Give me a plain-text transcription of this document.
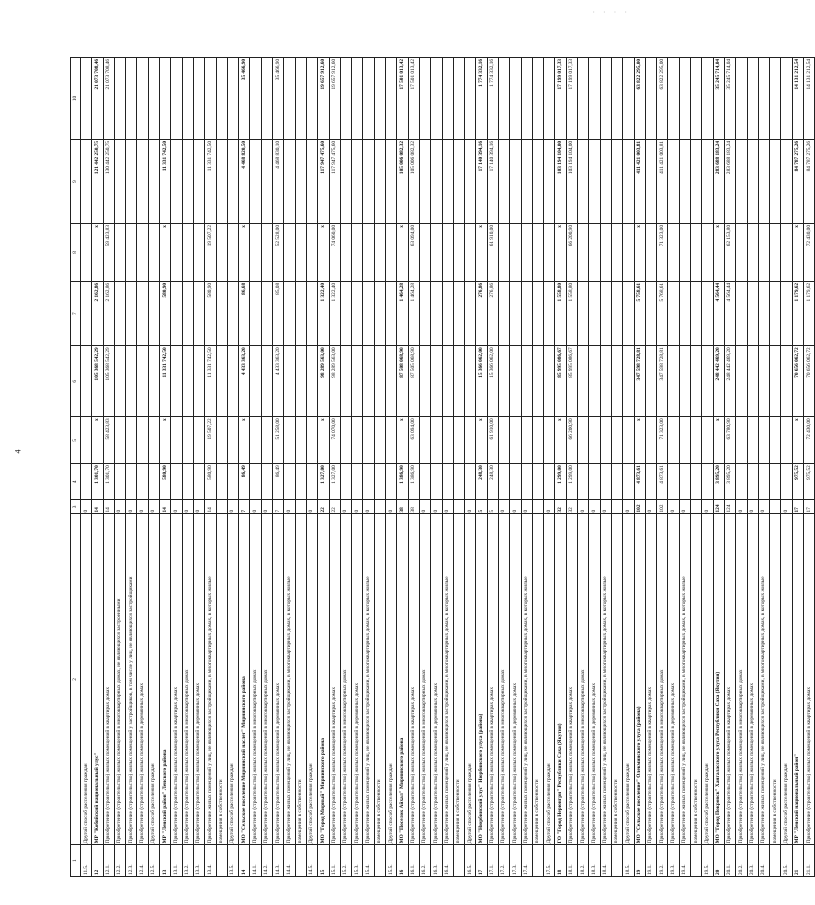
· · · ·
4
1	2	3	4	5	6	7	8	9	10
11.5.	Другой способ расселения граждан	0							
12	МР "Кобяйский национальный улус"	14	1 301,70	x	105 368 542,29	2 162,86	x	121 442 250,75	21 073 708,46
12.1.	Приобретение (строительство) жилых помещений в квартирах домах	14	1 301,70	58 423,83	105 368 542,29	2 162,86	59 423,83	130 442 250,75	21 073 708,46
12.2.	Приобретение (строительство) жилых помещений в многоквартирных домах, не являющихся застроенными	0							
12.3.	Приобретение (строительство) жилых помещений у застройщиков, в том числе у лиц, не являющихся застройщиками	0							
12.4.	Приобретение (строительство) жилых помещений в деревянных домах	0							
12.5.	Другой способ расселения граждан	0							
13	МР "Ленский район" Ленского района	14	580,90	x	11 331 742,50	580,90	x	11 331 742,50	
13.1.	Приобретение (строительство) жилых помещений в квартирах домах	0							
13.2.	Приобретение (строительство) жилых помещений в многоквартирных домах	0							
13.3.	Приобретение (строительство) жилых помещений в деревянных домах	0							
13.4.	Приобретение жилых помещений у лиц, не являющихся застройщиками, в многоквартирных домах, в которых жилые	14	580,90	19 507,22	11 331 742,50	580,90	19 507,22	11 331 742,50	
	помещения в собственности								
13.5.	Другой способ расселения граждан	0							
14	МО "Сельское поселение Мирнинский наслег" Мирнинского района	7	86,49	x	4 433 363,20	86,68	x	4 468 820,50	35 466,90
14.1.	Приобретение (строительство) жилых помещений в многоквартирных домах	0							
14.2.	Приобретение (строительство) жилых помещений в многоквартирных домах	0							
14.3.	Приобретение (строительство) жилых помещений в деревянных домах	7	86,49	51 258,00	4 433 363,20	85,08	52 528,00	4 468 830,10	35 466,90
14.4.	Приобретение жилых помещений у лиц, не являющихся застройщиками, в многоквартирных домах, в которых жилые	0							
	помещения в собственности								
14.5.	Другой способ расселения граждан	0							
15	МО "Город Мирный" Мирнинского района	22	1 327,00	x	98 289 563,00	1 322,40	x	117 947 475,60	19 657 912,60
15.1.	Приобретение (строительство) жилых помещений в квартирах домах	22	1 327,00	74 070,00	98 289 563,00	1 322,40	74 060,00	117 947 475,60	19 657 912,60
15.2.	Приобретение (строительство) жилых помещений в многоквартирных домах	0							
15.3.	Приобретение (строительство) жилых помещений в деревянных домах	0							
15.4.	Приобретение жилых помещений у лиц, не являющихся застройщиками, в многоквартирных домах, в которых жилые	0							
	помещения в собственности								
15.5.	Другой способ расселения граждан	0							
16	МО "Поселок Айхал" Мирнинского района	38	1 386,90	x	87 508 068,90	1 464,28	x	105 006 082,32	17 501 013,42
16.1.	Приобретение (строительство) жилых помещений в квартирах домах	38	1 386,90	63 094,00	87 505 068,90	1 464,28	63 094,00	105 006 082,32	17 501 013,42
16.2.	Приобретение (строительство) жилых помещений в многоквартирных домах	0							
16.3.	Приобретение (строительство) жилых помещений в деревянных домах	0							
16.4.	Приобретение жилых помещений у лиц, не являющихся застройщиками, в многоквартирных домах, в которых жилые	0							
	помещения в собственности								
16.5.	Другой способ расселения граждан	0							
17	МО "Нюрбинский улус" Нюрбинского улуса (района)	5	248,30	x	15 366 062,00	276,86	x	17 140 394,16	1 774 332,16
17.1.	Приобретение (строительство) жилых помещений в квартирах домах	5	248,30	61 910,00	15 366 062,00	276,86	61 910,00	17 140 394,16	1 774 332,16
17.2.	Приобретение (строительство) жилых помещений в многоквартирных домах	0							
17.3.	Приобретение (строительство) жилых помещений в деревянных домах	0							
17.4.	Приобретение жилых помещений у лиц, не являющихся застройщиками, в многоквартирных домах, в которых жилые	0							
	помещения в собственности								
17.5.	Другой способ расселения граждан	0							
18	ГО "Город Нерюнгри" Республики Саха (Якутия)	32	1 299,00	x	85 995 086,67	1 558,80	x	103 194 104,00	17 199 017,33
18.1.	Приобретение (строительство) жилых помещений в квартирах домах	32	1 299,00	66 200,90	85 995 086,67	1 558,80	66 200,90	103 194 104,00	17 199 017,33
18.2.	Приобретение (строительство) жилых помещений в многоквартирных домах	0							
18.3.	Приобретение (строительство) жилых помещений в деревянных домах	0							
18.4.	Приобретение жилых помещений у лиц, не являющихся застройщиками, в многоквартирных домах, в которых жилые	0							
	помещения в собственности								
18.5.	Другой способ расселения граждан	0							
19	МО "Сельское поселение" Олекминского улуса (района)	102	4 873,61	x	347 598 728,81	5 758,61	x	411 421 003,81	63 822 295,00
19.1.	Приобретение (строительство) жилых помещений в квартирах домах	0							
19.2.	Приобретение (строительство) жилых помещений в многоквартирных домах	102	4 873,61	71 323,00	347 598 728,81	5 768,61	71 323,00	411 421 003,81	63 822 295,00
19.3.	Приобретение (строительство) жилых помещений в деревянных домах	0							
19.4.	Приобретение жилых помещений у лиц, не являющихся застройщиками, в многоквартирных домах, в которых жилые	0							
	помещения в собственности								
19.5.	Другой способ расселения граждан	0							
20	МО "Город Покровск" Хангаласского улуса Республики Саха (Якутия)	124	3 895,20	x	248 442 469,20	4 564,44	x	283 688 183,24	35 245 714,04
20.1.	Приобретение (строительство) жилых помещений в квартирах домах	124	3 895,20	63 780,90	248 442 469,20	4 564,44	62 153,80	283 688 183,24	35 245 714,04
20.2.	Приобретение (строительство) жилых помещений в многоквартирных домах	0							
20.3.	Приобретение (строительство) жилых помещений в деревянных домах	0							
20.4.	Приобретение жилых помещений у лиц, не являющихся застройщиками, в многоквартирных домах, в которых жилые	0							
	помещения в собственности								
20.5.	Другой способ расселения граждан	0							
21	МР "Ленский национальный район"	17	975,52	x	70 656 062,72	1 179,62	x	84 787 275,26	14 131 212,54
21.1.	Приобретение (строительство) жилых помещений в квартирах домах	17	975,52	72 430,00	70 656 062,72	1 179,62	72 430,00	84 787 275,26	14 131 212,54
